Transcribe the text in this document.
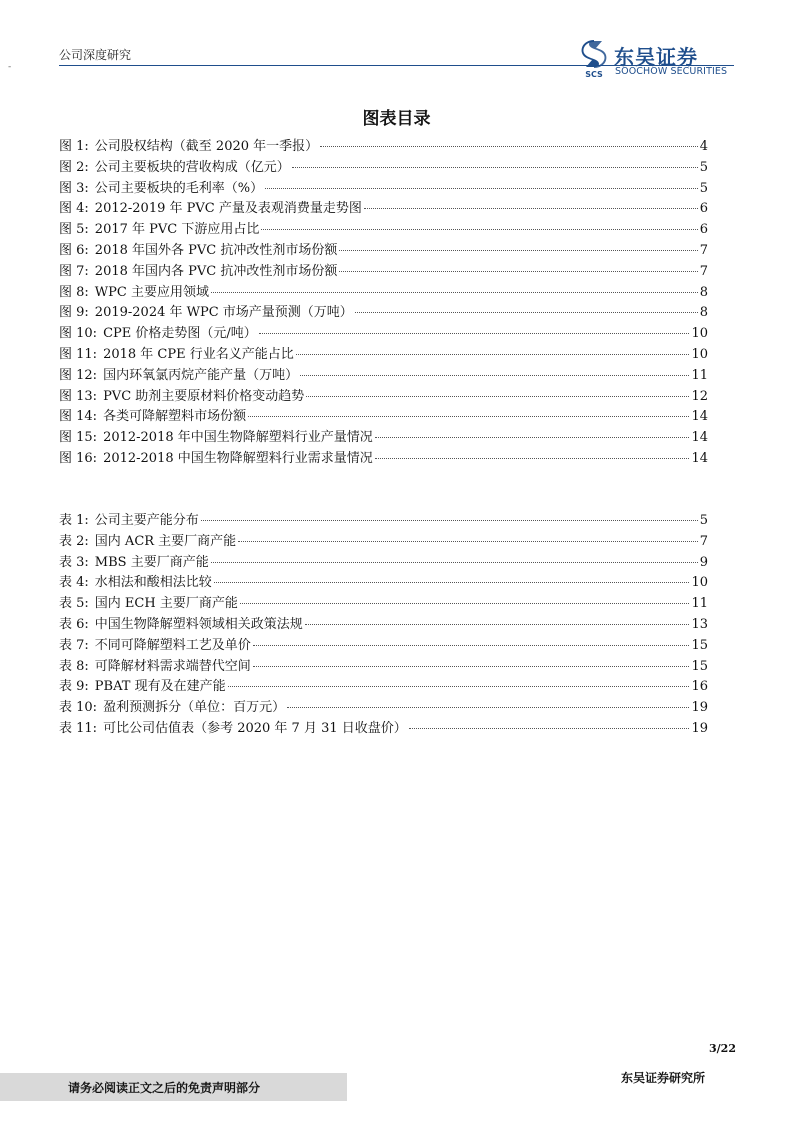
公司深度研究
-
SCS
东吴证券
SOOCHOW SECURITIES
图表目录
图 1: 公司股权结构（截至 2020 年一季报）	4
图 2: 公司主要板块的营收构成（亿元）	5
图 3: 公司主要板块的毛利率（%）	5
图 4: 2012-2019 年 PVC 产量及表观消费量走势图	6
图 5: 2017 年 PVC 下游应用占比	6
图 6: 2018 年国外各 PVC 抗冲改性剂市场份额	7
图 7: 2018 年国内各 PVC 抗冲改性剂市场份额	7
图 8: WPC 主要应用领域	8
图 9: 2019-2024 年 WPC 市场产量预测（万吨）	8
图 10: CPE 价格走势图（元/吨）	10
图 11: 2018 年 CPE 行业名义产能占比	10
图 12: 国内环氧氯丙烷产能产量（万吨）	11
图 13: PVC 助剂主要原材料价格变动趋势	12
图 14: 各类可降解塑料市场份额	14
图 15: 2012-2018 年中国生物降解塑料行业产量情况	14
图 16: 2012-2018 中国生物降解塑料行业需求量情况	14
表 1: 公司主要产能分布	5
表 2: 国内 ACR 主要厂商产能	7
表 3: MBS 主要厂商产能	9
表 4: 水相法和酸相法比较	10
表 5: 国内 ECH 主要厂商产能	11
表 6: 中国生物降解塑料领域相关政策法规	13
表 7: 不同可降解塑料工艺及单价	15
表 8: 可降解材料需求端替代空间	15
表 9: PBAT 现有及在建产能	16
表 10: 盈利预测拆分（单位：百万元）	19
表 11: 可比公司估值表（参考 2020 年 7 月 31 日收盘价）	19
3/22
请务必阅读正文之后的免责声明部分
东吴证券研究所
